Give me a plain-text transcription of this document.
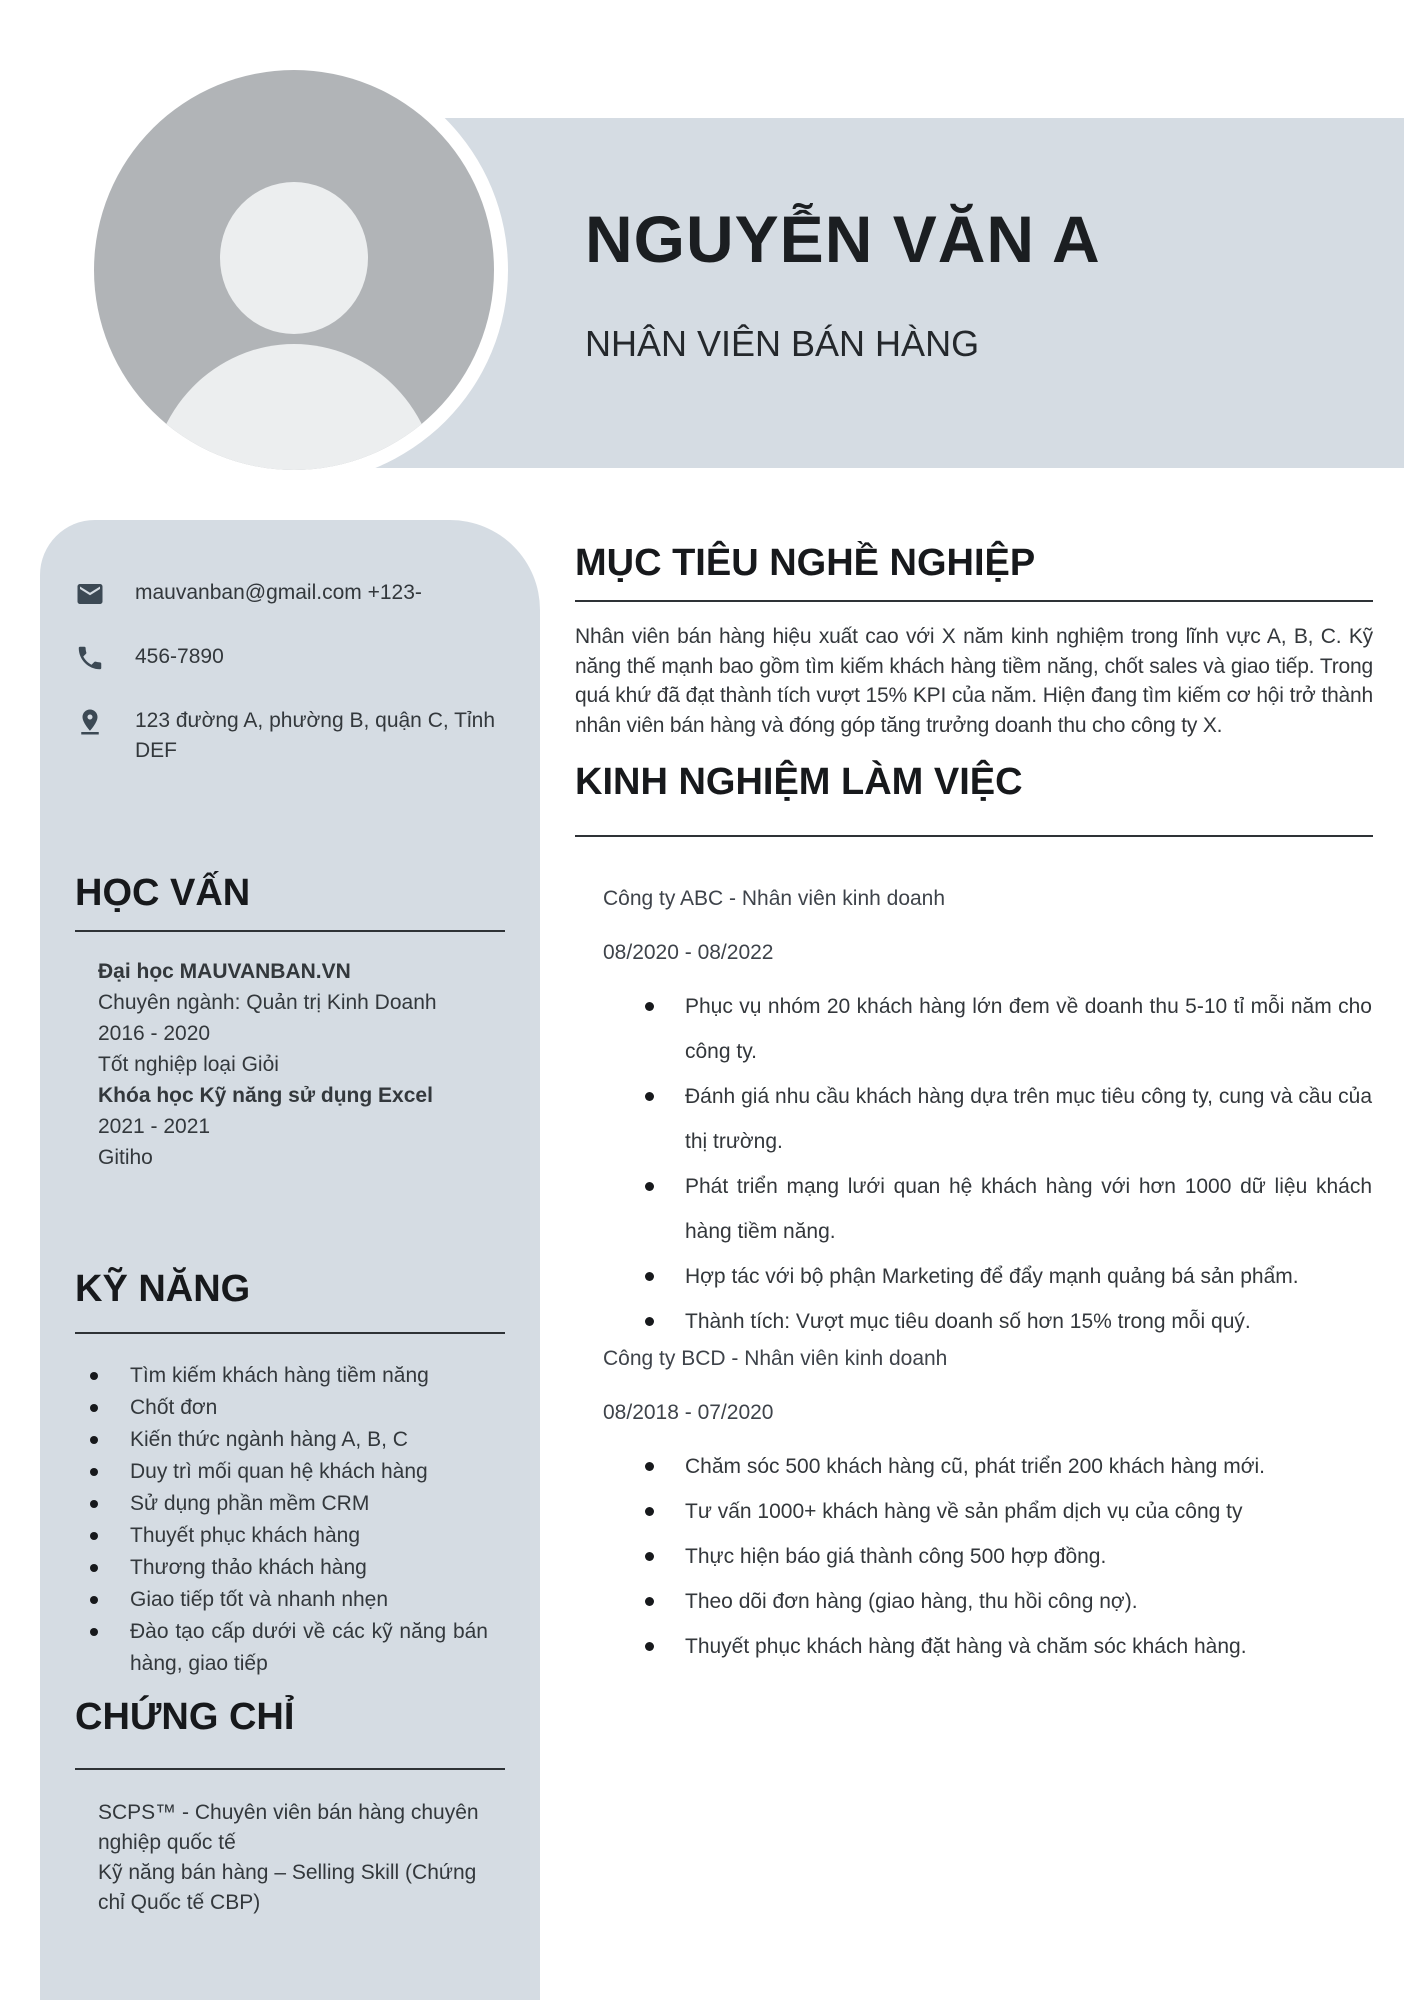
NGUYỄN VĂN A
NHÂN VIÊN BÁN HÀNG
mauvanban@gmail.com +123-
456-7890
123 đường A, phường B, quận C, Tỉnh DEF
HỌC VẤN
Đại học MAUVANBAN.VN
Chuyên ngành: Quản trị Kinh Doanh
2016 - 2020
Tốt nghiệp loại Giỏi
Khóa học Kỹ năng sử dụng Excel
2021 - 2021
Gitiho
KỸ NĂNG
Tìm kiếm khách hàng tiềm năng
Chốt đơn
Kiến thức ngành hàng A, B, C
Duy trì mối quan hệ khách hàng
Sử dụng phần mềm CRM
Thuyết phục khách hàng
Thương thảo khách hàng
Giao tiếp tốt và nhanh nhẹn
Đào tạo cấp dưới về các kỹ năng bán hàng, giao tiếp
CHỨNG CHỈ
SCPS™ - Chuyên viên bán hàng chuyên nghiệp quốc tế
Kỹ năng bán hàng – Selling Skill (Chứng chỉ Quốc tế CBP)
MỤC TIÊU NGHỀ NGHIỆP
Nhân viên bán hàng hiệu xuất cao với X năm kinh nghiệm trong lĩnh vực A, B, C. Kỹ năng thế mạnh bao gồm tìm kiếm khách hàng tiềm năng, chốt sales và giao tiếp. Trong quá khứ đã đạt thành tích vượt 15% KPI của năm. Hiện đang tìm kiếm cơ hội trở thành nhân viên bán hàng và đóng góp tăng trưởng doanh thu cho công ty X.
KINH NGHIỆM LÀM VIỆC
Công ty ABC - Nhân viên kinh doanh
08/2020 - 08/2022
Phục vụ nhóm 20 khách hàng lớn đem về doanh thu 5-10 tỉ mỗi năm cho công ty.
Đánh giá nhu cầu khách hàng dựa trên mục tiêu công ty, cung và cầu của thị trường.
Phát triển mạng lưới quan hệ khách hàng với hơn 1000 dữ liệu khách hàng tiềm năng.
Hợp tác với bộ phận Marketing để đẩy mạnh quảng bá sản phẩm.
Thành tích: Vượt mục tiêu doanh số hơn 15% trong mỗi quý.
Công ty BCD - Nhân viên kinh doanh
08/2018 - 07/2020
Chăm sóc 500 khách hàng cũ, phát triển 200 khách hàng mới.
Tư vấn 1000+ khách hàng về sản phẩm dịch vụ của công ty
Thực hiện báo giá thành công 500 hợp đồng.
Theo dõi đơn hàng (giao hàng, thu hồi công nợ).
Thuyết phục khách hàng đặt hàng và chăm sóc khách hàng.
